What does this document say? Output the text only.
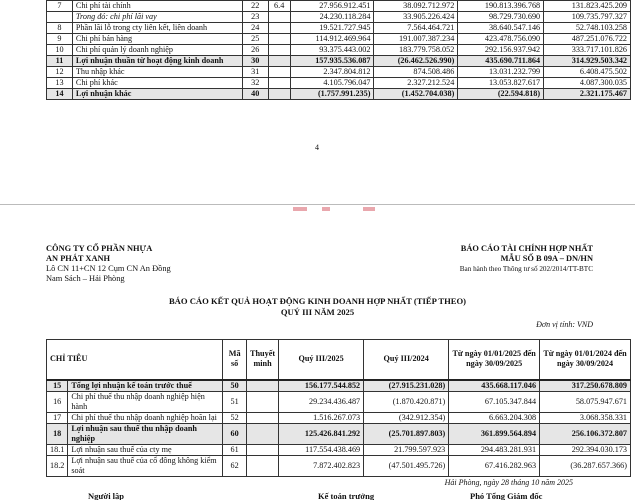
7	Chi phí tài chính	22	6.4	27.956.912.451	38.092.712.972	190.813.396.768	131.823.425.209
	Trong đó: chi phí lãi vay	23		24.230.118.284	33.905.226.424	98.729.730.690	109.735.797.327
8	Phần lãi lỗ trong cty liên kết, liên doanh	24		19.521.727.945	7.564.464.721	38.640.547.146	52.748.103.258
9	Chi phí bán hàng	25		114.912.469.964	191.007.387.234	423.478.756.090	487.251.076.722
10	Chi phí quản lý doanh nghiệp	26		93.375.443.002	183.779.758.052	292.156.937.942	333.717.101.826
11	Lợi nhuận thuần từ hoạt động kinh doanh	30		157.935.536.087	(26.462.526.990)	435.690.711.864	314.929.503.342
12	Thu nhập khác	31		2.347.804.812	874.508.486	13.031.232.799	6.408.475.502
13	Chi phí khác	32		4.105.796.047	2.327.212.524	13.053.827.617	4.087.300.035
14	Lợi nhuận khác	40		(1.757.991.235)	(1.452.704.038)	(22.594.818)	2.321.175.467
4
CÔNG TY CỔ PHẦN NHỰA
AN PHÁT XANH
Lô CN 11+CN 12 Cụm CN An Đồng
Nam Sách – Hải Phòng
BÁO CÁO TÀI CHÍNH HỢP NHẤT
MẪU SỐ B 09A – DN/HN
Ban hành theo Thông tư số 202/2014/TT-BTC
BÁO CÁO KẾT QUẢ HOẠT ĐỘNG KINH DOANH HỢP NHẤT (TIẾP THEO)
QUÝ III NĂM 2025
Đơn vị tính: VND
CHỈ TIÊU		Mã số	Thuyết minh	Quý III/2025	Quý III/2024	Từ ngày 01/01/2025 đến ngày 30/09/2025	Từ ngày 01/01/2024 đến ngày 30/09/2024
15	Tổng lợi nhuận kế toán trước thuế	50		156.177.544.852	(27.915.231.028)	435.668.117.046	317.250.678.809
16	Chi phí thuế thu nhập doanh nghiệp hiện hành	51		29.234.436.487	(1.870.420.871)	67.105.347.844	58.075.947.671
17	Chi phí thuế thu nhập doanh nghiệp hoãn lại	52		1.516.267.073	(342.912.354)	6.663.204.308	3.068.358.331
18	Lợi nhuận sau thuế thu nhập doanh nghiệp	60		125.426.841.292	(25.701.897.803)	361.899.564.894	256.106.372.807
18.1	Lợi nhuận sau thuế của cty mẹ	61		117.554.438.469	21.799.597.923	294.483.281.931	292.394.030.173
18.2	Lợi nhuận sau thuế của cổ đông không kiểm soát	62		7.872.402.823	(47.501.495.726)	67.416.282.963	(36.287.657.366)
Hải Phòng, ngày 28 tháng 10 năm 2025
Người lập	Kế toán trưởng	Phó Tổng Giám đốc
